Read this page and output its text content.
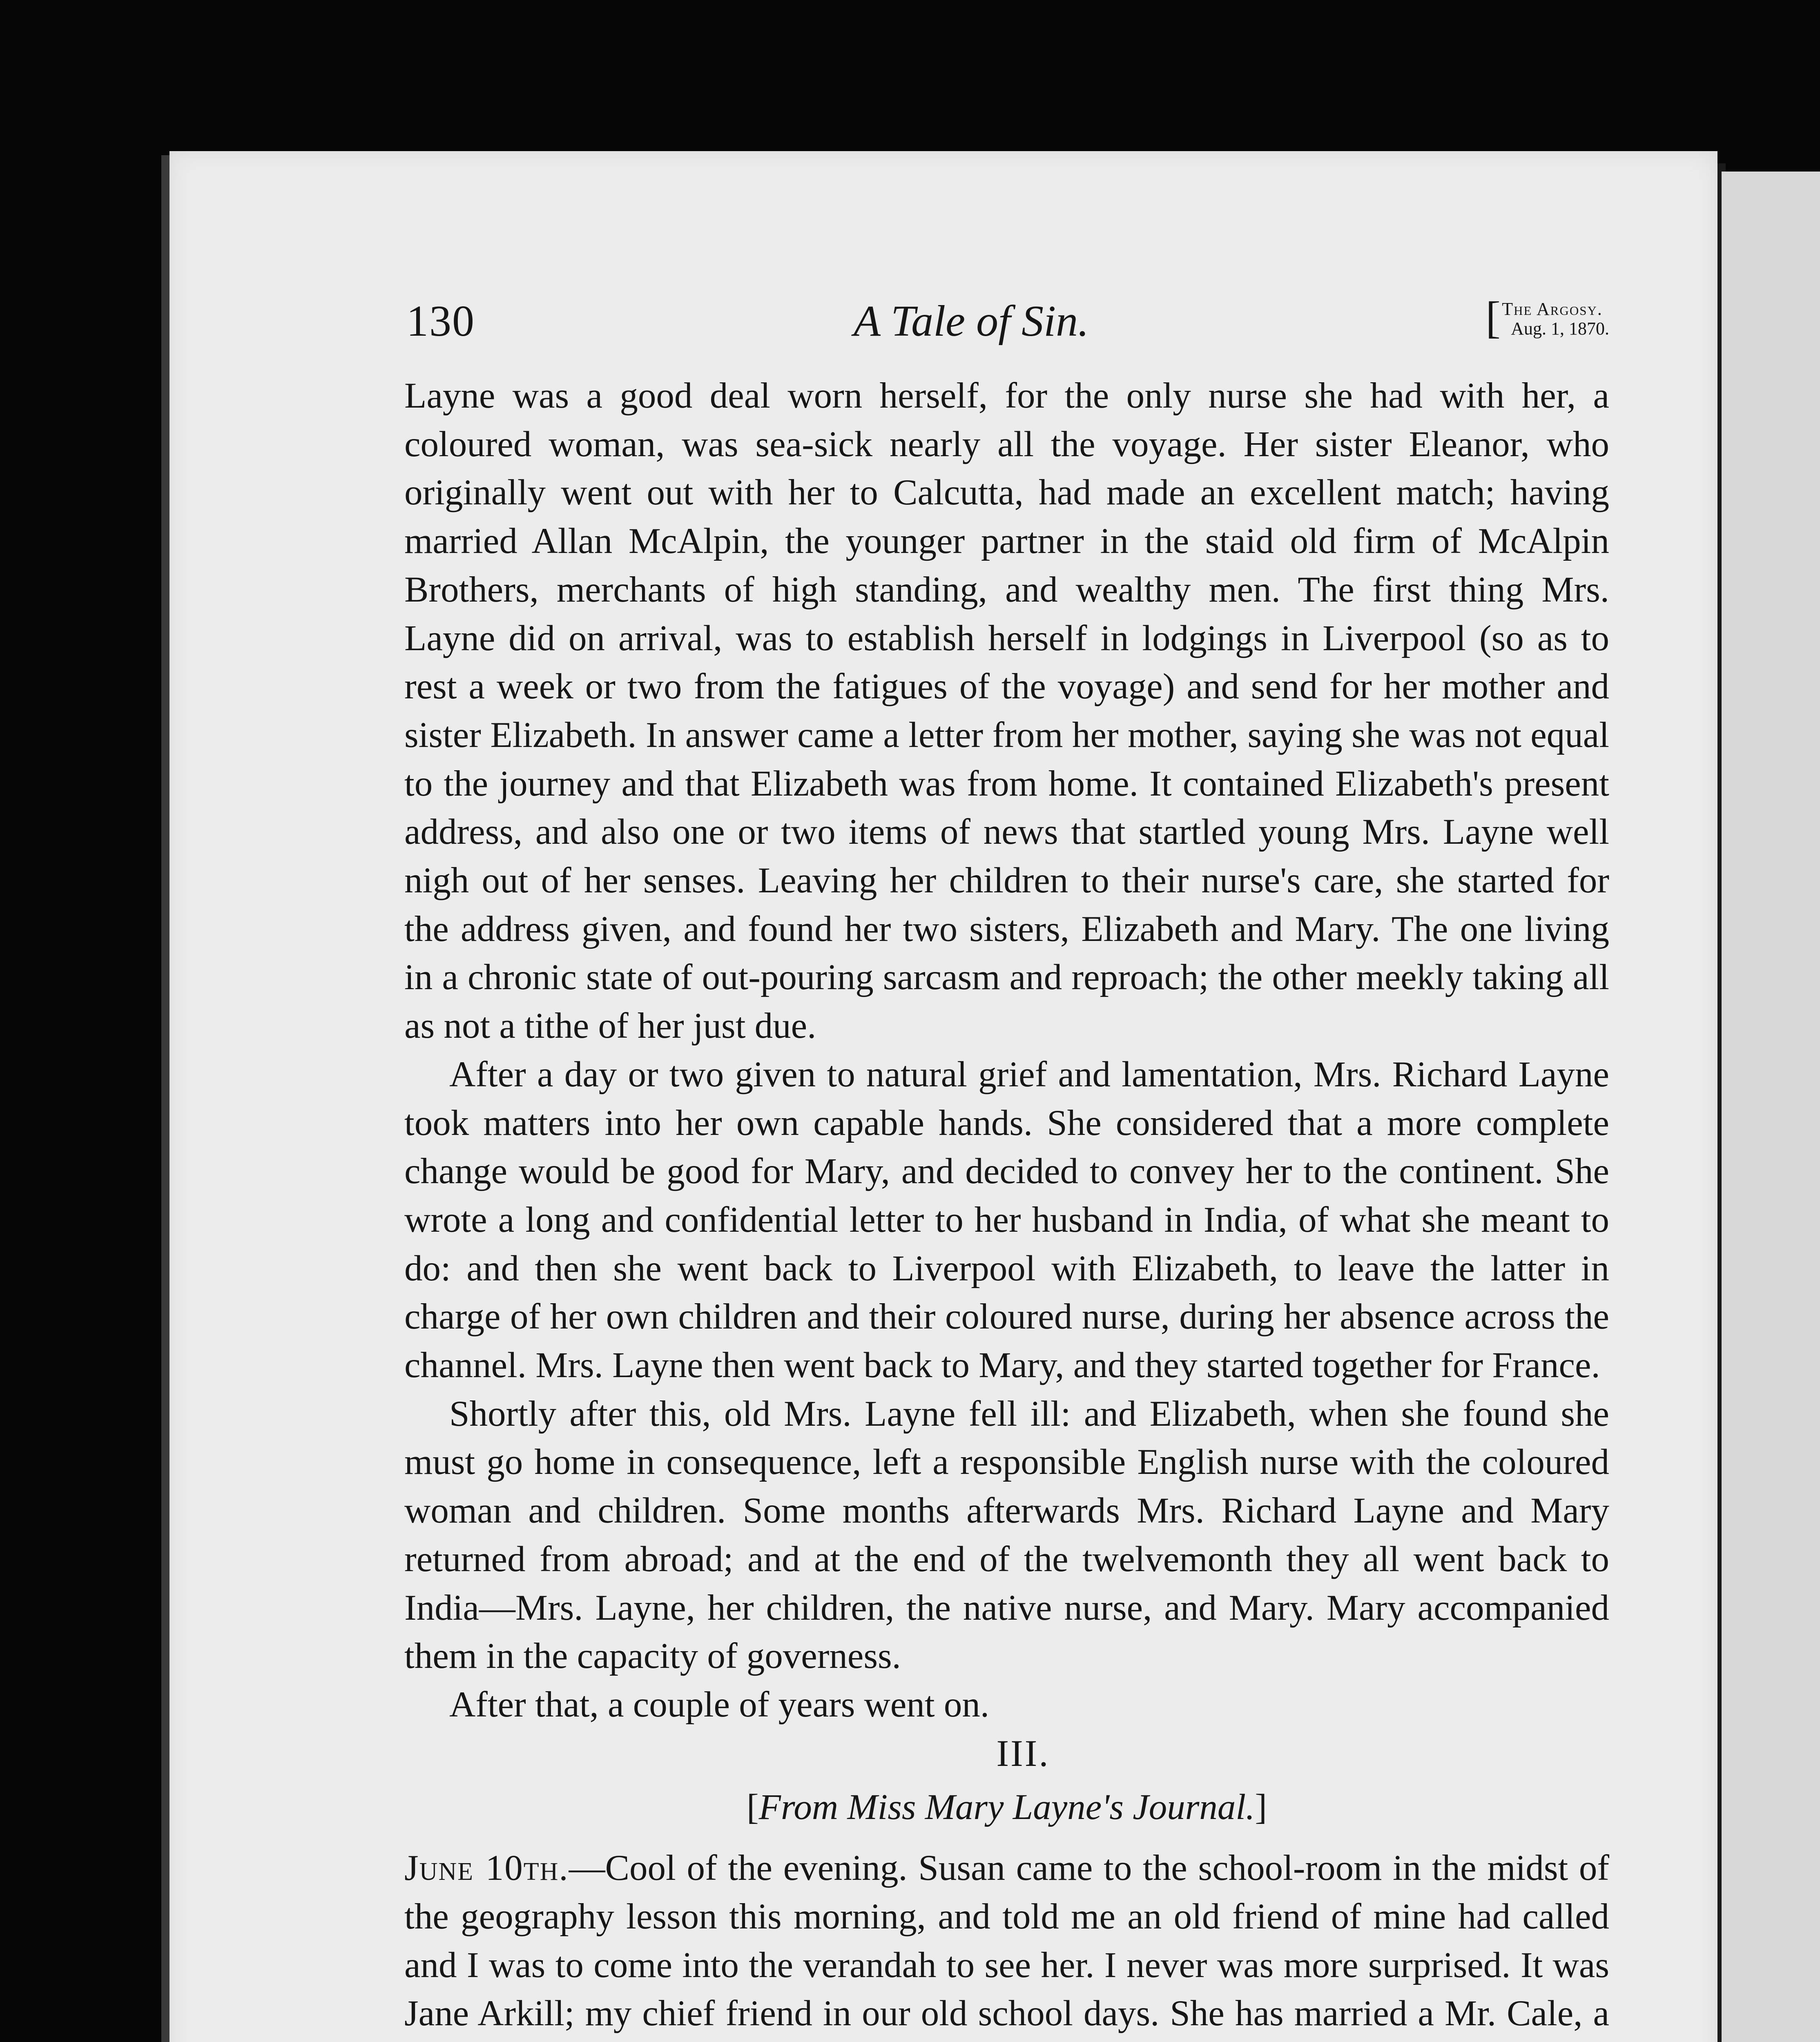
130	A Tale of Sin.	[ The Argosy.
Aug. 1, 1870.

Layne was a good deal worn herself, for the only nurse she had with her, a coloured woman, was sea-sick nearly all the voyage. Her sister Eleanor, who originally went out with her to Calcutta, had made an excellent match; having married Allan McAlpin, the younger partner in the staid old firm of McAlpin Brothers, merchants of high standing, and wealthy men. The first thing Mrs. Layne did on arrival, was to establish herself in lodgings in Liverpool (so as to rest a week or two from the fatigues of the voyage) and send for her mother and sister Elizabeth. In answer came a letter from her mother, saying she was not equal to the journey and that Elizabeth was from home. It contained Elizabeth's present address, and also one or two items of news that startled young Mrs. Layne well nigh out of her senses. Leaving her children to their nurse's care, she started for the address given, and found her two sisters, Elizabeth and Mary. The one living in a chronic state of out-pouring sarcasm and reproach; the other meekly taking all as not a tithe of her just due.

After a day or two given to natural grief and lamentation, Mrs. Richard Layne took matters into her own capable hands. She considered that a more complete change would be good for Mary, and decided to convey her to the continent. She wrote a long and confidential letter to her husband in India, of what she meant to do: and then she went back to Liverpool with Elizabeth, to leave the latter in charge of her own children and their coloured nurse, during her absence across the channel. Mrs. Layne then went back to Mary, and they started together for France.

Shortly after this, old Mrs. Layne fell ill: and Elizabeth, when she found she must go home in consequence, left a responsible English nurse with the coloured woman and children. Some months afterwards Mrs. Richard Layne and Mary returned from abroad; and at the end of the twelvemonth they all went back to India—Mrs. Layne, her children, the native nurse, and Mary. Mary accompanied them in the capacity of governess.

After that, a couple of years went on.

III.

[From Miss Mary Layne's Journal.]

June 10th.—Cool of the evening. Susan came to the school-room in the midst of the geography lesson this morning, and told me an old friend of mine had called and I was to come into the verandah to see her. I never was more surprised. It was Jane Arkill; my chief friend in our old school days. She has married a Mr. Cale, a
